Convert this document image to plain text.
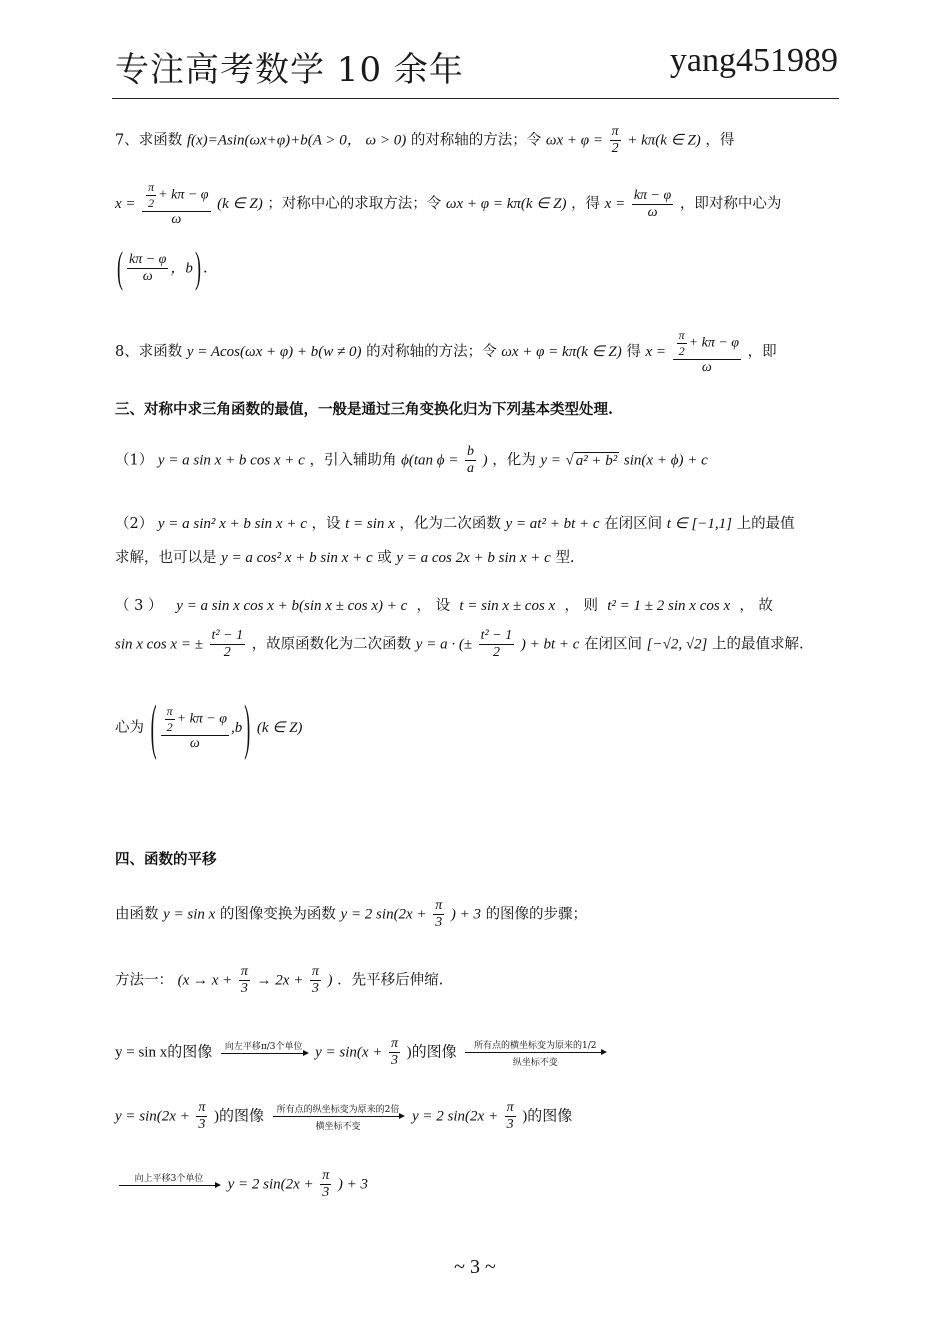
专注高考数学 10 余年	yang451989
7、求函数 f(x)=Asin(ωx+φ)+b(A > 0， ω > 0) 的对称轴的方法；令 $\omega x + \varphi = \frac{\pi}{2} + k\pi(k$ ∈ Z) ，得
$x = \frac{\frac{\pi}{2} + k\pi - \varphi}{\omega} (k$ ∈ Z) ；对称中心的求取方法；令 ωx + φ = kπ(k ∈ Z) ，得 $x = \frac{k\pi - \varphi}{\omega}$ ，即对称中心为
( $\frac{k\pi - \varphi}{\omega}$ ，b ) .
8、求函数 y = Acos(ωx + φ) + b(w ≠ 0) 的对称轴的方法；令 ωx + φ = kπ(k ∈ Z) 得 $x = \frac{\frac{\pi}{2} + k\pi - \varphi}{\omega}$ ，即
三、对称中求三角函数的最值，一般是通过三角变换化归为下列基本类型处理.
（1） y = a sin x + b cos x + c ，引入辅助角 ϕ(tan $\phi = \frac{b}{a}$ ) ，化为 y = √ a² + b² sin(x + ϕ) + c
（2） y = a sin² x + b sin x + c ，设 t = sin x ，化为二次函数 y = at² + bt + c 在闭区间 t ∈ [−1,1] 上的最值
求解，也可以是 y = a cos² x + b sin x + c 或 y = a cos 2x + b sin x + c 型.
（ 3 ） y = a sin x cos x + b(sin x ± cos x) + c ， 设 t = sin x ± cos x ， 则 t² = 1 ± 2 sin x cos x ， 故
sin x cos x = ± $\frac{\text{t² − 1}}{2}$ ，故原函数化为二次函数 y = a · (± $\frac{\text{t² − 1}}{2}$ ) + bt + c 在闭区间 [−√2, √2] 上的最值求解.
心为 ( $\frac{\frac{\pi}{2} + k\pi - \varphi}{\omega} ,b$ ) (k ∈ Z)
四、函数的平移
由函数 y = sin x 的图像变换为函数 y = 2 $\sin(2x + \frac{\pi}{3}$ ) + 3 的图像的步骤；
方法一： ($x \to x + \frac{\pi}{3} \to 2x + \frac{\pi}{3}$ ) ．先平移后伸缩.
y = sin x的图像	向左平移π/3个单位
$y = \sin(x + \frac{\pi}{3}$ )的图像	所有点的横坐标变为原来的1/2
纵坐标不变
$y = \sin(2x + \frac{\pi}{3}$ )的图像	所有点的纵坐标变为原来的2倍
横坐标不变
y = 2 $\sin(2x + \frac{\pi}{3}$ )的图像
向上平移3个单位
	y = 2 $\sin(2x + \frac{\pi}{3}$ ) + 3
~ 3 ~
